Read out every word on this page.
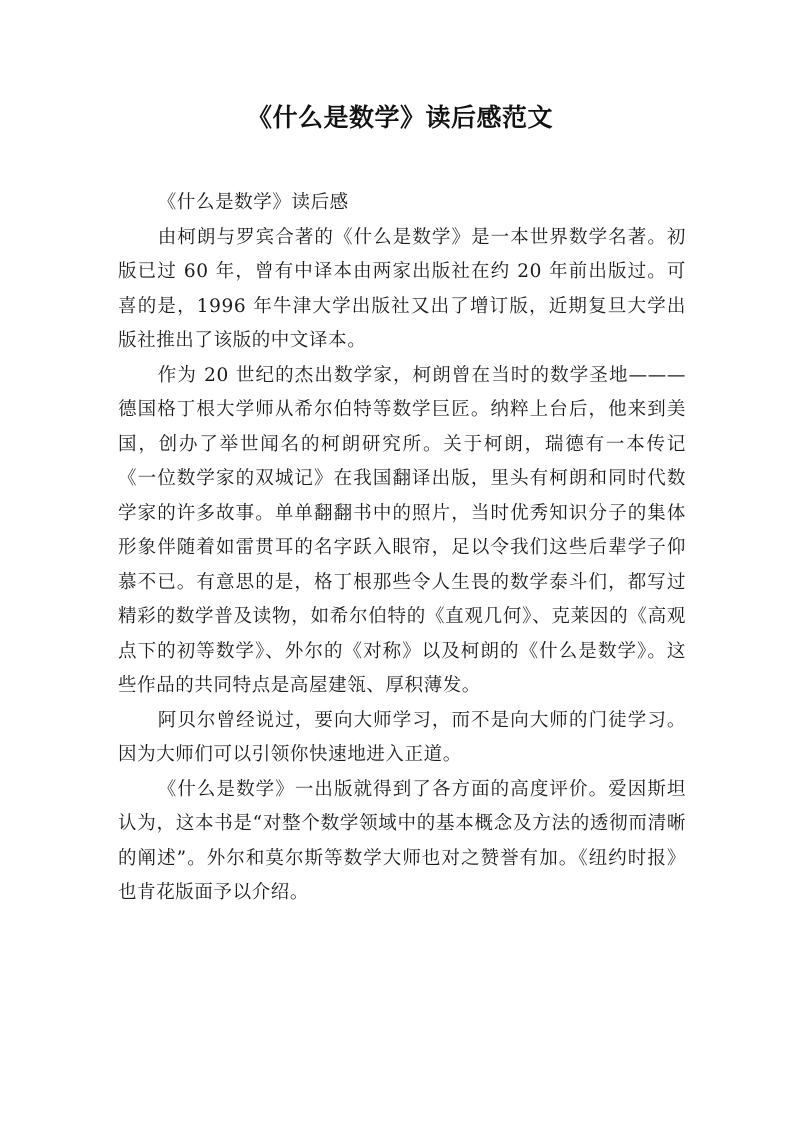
《什么是数学》读后感范文

《什么是数学》读后感

由柯朗与罗宾合著的《什么是数学》是一本世界数学名著。初版已过 60 年，曾有中译本由两家出版社在约 20 年前出版过。可喜的是，1996 年牛津大学出版社又出了增订版，近期复旦大学出版社推出了该版的中文译本。

作为 20 世纪的杰出数学家，柯朗曾在当时的数学圣地———德国格丁根大学师从希尔伯特等数学巨匠。纳粹上台后，他来到美国，创办了举世闻名的柯朗研究所。关于柯朗，瑞德有一本传记《一位数学家的双城记》在我国翻译出版，里头有柯朗和同时代数学家的许多故事。单单翻翻书中的照片，当时优秀知识分子的集体形象伴随着如雷贯耳的名字跃入眼帘，足以令我们这些后辈学子仰慕不已。有意思的是，格丁根那些令人生畏的数学泰斗们，都写过精彩的数学普及读物，如希尔伯特的《直观几何》、克莱因的《高观点下的初等数学》、外尔的《对称》以及柯朗的《什么是数学》。这些作品的共同特点是高屋建瓴、厚积薄发。

阿贝尔曾经说过，要向大师学习，而不是向大师的门徒学习。因为大师们可以引领你快速地进入正道。

《什么是数学》一出版就得到了各方面的高度评价。爱因斯坦认为，这本书是“对整个数学领域中的基本概念及方法的透彻而清晰的阐述”。外尔和莫尔斯等数学大师也对之赞誉有加。《纽约时报》也肯花版面予以介绍。
